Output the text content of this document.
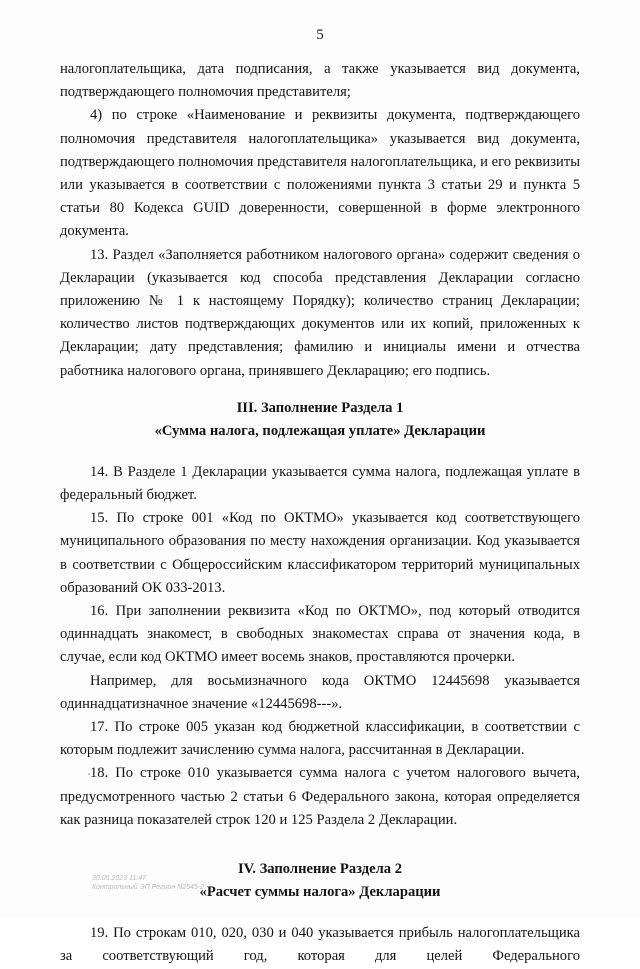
5

налогоплательщика, дата подписания, а также указывается вид документа, подтверждающего полномочия представителя;

4) по строке «Наименование и реквизиты документа, подтверждающего полномочия представителя налогоплательщика» указывается вид документа, подтверждающего полномочия представителя налогоплательщика, и его реквизиты или указывается в соответствии с положениями пункта 3 статьи 29 и пункта 5 статьи 80 Кодекса GUID доверенности, совершенной в форме электронного документа.

13. Раздел «Заполняется работником налогового органа» содержит сведения о Декларации (указывается код способа представления Декларации согласно приложению № 1 к настоящему Порядку); количество страниц Декларации; количество листов подтверждающих документов или их копий, приложенных к Декларации; дату представления; фамилию и инициалы имени и отчества работника налогового органа, принявшего Декларацию; его подпись.

III. Заполнение Раздела 1
«Сумма налога, подлежащая уплате» Декларации

14. В Разделе 1 Декларации указывается сумма налога, подлежащая уплате в федеральный бюджет.

15. По строке 001 «Код по ОКТМО» указывается код соответствующего муниципального образования по месту нахождения организации. Код указывается в соответствии с Общероссийским классификатором территорий муниципальных образований ОК 033-2013.

16. При заполнении реквизита «Код по ОКТМО», под который отводится одиннадцать знакомест, в свободных знакоместах справа от значения кода, в случае, если код ОКТМО имеет восемь знаков, проставляются прочерки.

Например, для восьмизначного кода ОКТМО 12445698 указывается одиннадцатизначное значение «12445698---».

17. По строке 005 указан код бюджетной классификации, в соответствии с которым подлежит зачислению сумма налога, рассчитанная в Декларации.

18. По строке 010 указывается сумма налога с учетом налогового вычета, предусмотренного частью 2 статьи 6 Федерального закона, которая определяется как разница показателей строк 120 и 125 Раздела 2 Декларации.

IV. Заполнение Раздела 2
«Расчет суммы налога» Декларации

19. По строкам 010, 020, 030 и 040 указывается прибыль налогоплательщика за соответствующий год, которая для целей Федерального

30.05.2023 11:47
Контрольный ЭП Регион N2545-2
